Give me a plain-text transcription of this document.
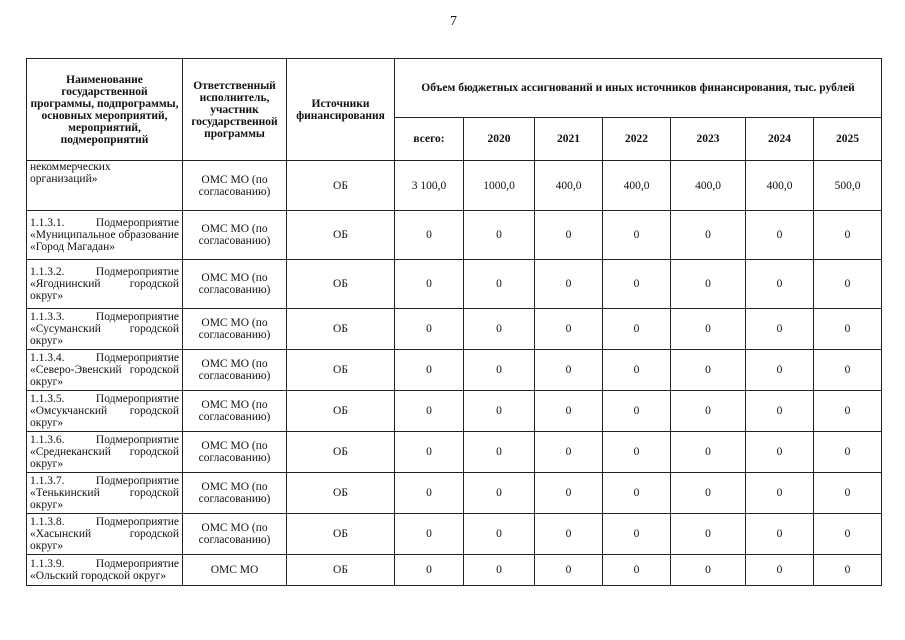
7
Наименование государственной программы, подпрограммы, основных мероприятий, мероприятий, подмероприятий	Ответственный исполнитель, участник государственной программы	Источники финансирования	Объем бюджетных ассигнований и иных источников финансирования, тыс. рублей						
			всего:	2020	2021	2022	2023	2024	2025
некоммерческих организаций»	ОМС МО (по согласованию)	ОБ	3 100,0	1000,0	400,0	400,0	400,0	400,0	500,0
1.1.3.1. Подмероприятие «Муниципальное образование «Город Магадан»	ОМС МО (по согласованию)	ОБ	0	0	0	0	0	0	0
1.1.3.2. Подмероприятие «Ягоднинский городской округ»	ОМС МО (по согласованию)	ОБ	0	0	0	0	0	0	0
1.1.3.3. Подмероприятие «Сусуманский городской округ»	ОМС МО (по согласованию)	ОБ	0	0	0	0	0	0	0
1.1.3.4. Подмероприятие «Северо-Эвенский городской округ»	ОМС МО (по согласованию)	ОБ	0	0	0	0	0	0	0
1.1.3.5. Подмероприятие «Омсукчанский городской округ»	ОМС МО (по согласованию)	ОБ	0	0	0	0	0	0	0
1.1.3.6. Подмероприятие «Среднеканский городской округ»	ОМС МО (по согласованию)	ОБ	0	0	0	0	0	0	0
1.1.3.7. Подмероприятие «Тенькинский городской округ»	ОМС МО (по согласованию)	ОБ	0	0	0	0	0	0	0
1.1.3.8. Подмероприятие «Хасынский городской округ»	ОМС МО (по согласованию)	ОБ	0	0	0	0	0	0	0
1.1.3.9. Подмероприятие «Ольский городской округ»	ОМС МО	ОБ	0	0	0	0	0	0	0
